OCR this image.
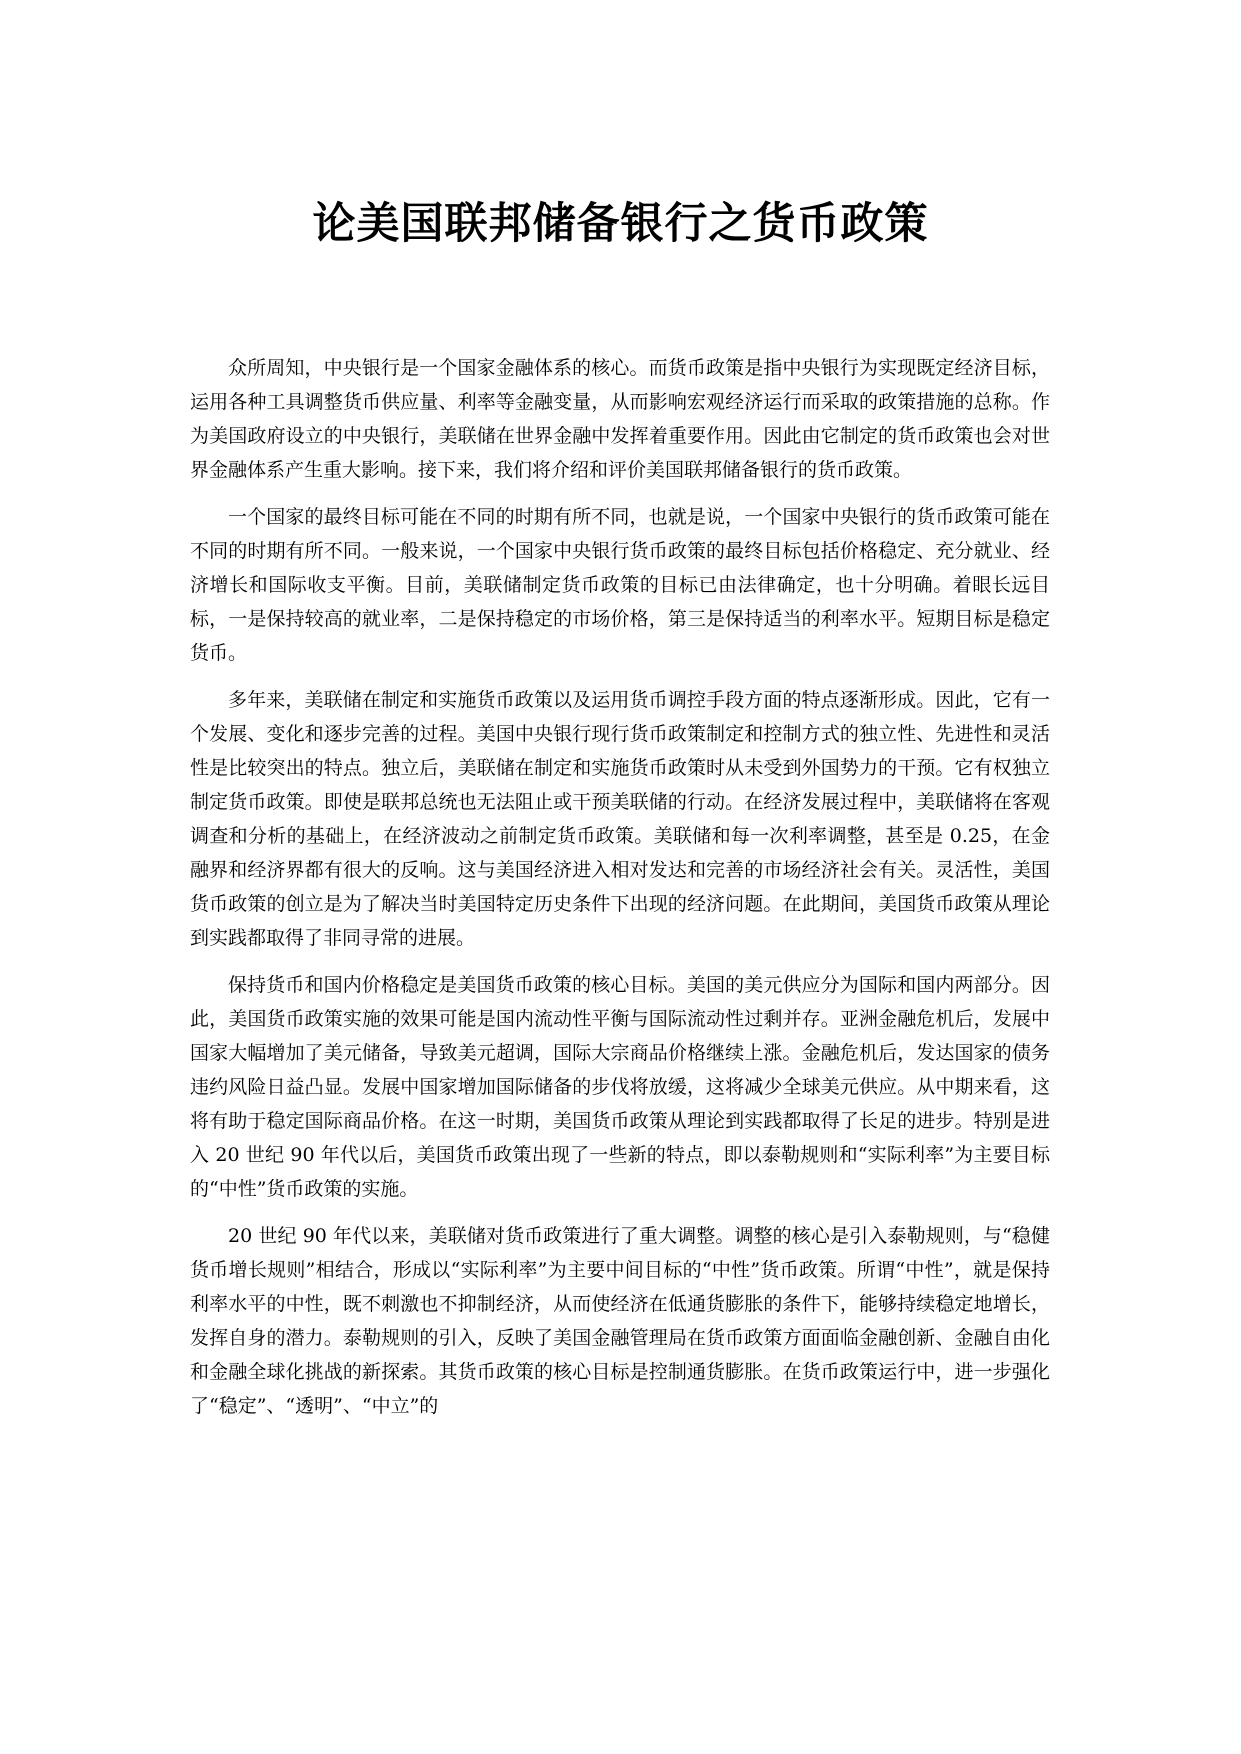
论美国联邦储备银行之货币政策

众所周知，中央银行是一个国家金融体系的核心。而货币政策是指中央银行为实现既定经济目标，运用各种工具调整货币供应量、利率等金融变量，从而影响宏观经济运行而采取的政策措施的总称。作为美国政府设立的中央银行，美联储在世界金融中发挥着重要作用。因此由它制定的货币政策也会对世界金融体系产生重大影响。接下来，我们将介绍和评价美国联邦储备银行的货币政策。

一个国家的最终目标可能在不同的时期有所不同，也就是说，一个国家中央银行的货币政策可能在不同的时期有所不同。一般来说，一个国家中央银行货币政策的最终目标包括价格稳定、充分就业、经济增长和国际收支平衡。目前，美联储制定货币政策的目标已由法律确定，也十分明确。着眼长远目标，一是保持较高的就业率，二是保持稳定的市场价格，第三是保持适当的利率水平。短期目标是稳定货币。

多年来，美联储在制定和实施货币政策以及运用货币调控手段方面的特点逐渐形成。因此，它有一个发展、变化和逐步完善的过程。美国中央银行现行货币政策制定和控制方式的独立性、先进性和灵活性是比较突出的特点。独立后，美联储在制定和实施货币政策时从未受到外国势力的干预。它有权独立制定货币政策。即使是联邦总统也无法阻止或干预美联储的行动。在经济发展过程中，美联储将在客观调查和分析的基础上，在经济波动之前制定货币政策。美联储和每一次利率调整，甚至是 0.25，在金融界和经济界都有很大的反响。这与美国经济进入相对发达和完善的市场经济社会有关。灵活性，美国货币政策的创立是为了解决当时美国特定历史条件下出现的经济问题。在此期间，美国货币政策从理论到实践都取得了非同寻常的进展。

保持货币和国内价格稳定是美国货币政策的核心目标。美国的美元供应分为国际和国内两部分。因此，美国货币政策实施的效果可能是国内流动性平衡与国际流动性过剩并存。亚洲金融危机后，发展中国家大幅增加了美元储备，导致美元超调，国际大宗商品价格继续上涨。金融危机后，发达国家的债务违约风险日益凸显。发展中国家增加国际储备的步伐将放缓，这将减少全球美元供应。从中期来看，这将有助于稳定国际商品价格。在这一时期，美国货币政策从理论到实践都取得了长足的进步。特别是进入 20 世纪 90 年代以后，美国货币政策出现了一些新的特点，即以泰勒规则和“实际利率”为主要目标的“中性”货币政策的实施。

20 世纪 90 年代以来，美联储对货币政策进行了重大调整。调整的核心是引入泰勒规则，与“稳健货币增长规则”相结合，形成以“实际利率”为主要中间目标的“中性”货币政策。所谓“中性”，就是保持利率水平的中性，既不刺激也不抑制经济，从而使经济在低通货膨胀的条件下，能够持续稳定地增长，发挥自身的潜力。泰勒规则的引入，反映了美国金融管理局在货币政策方面面临金融创新、金融自由化和金融全球化挑战的新探索。其货币政策的核心目标是控制通货膨胀。在货币政策运行中，进一步强化了“稳定”、“透明”、“中立”的
